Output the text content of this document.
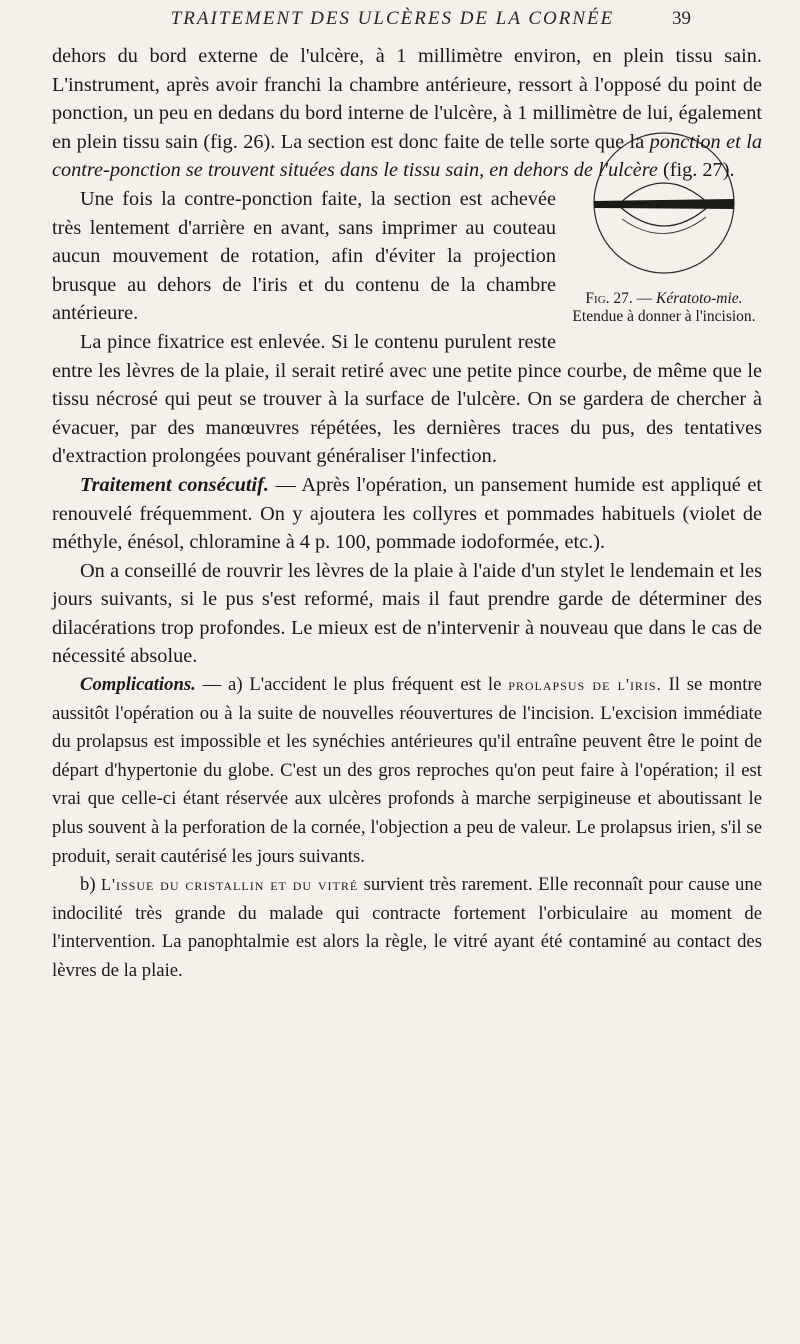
TRAITEMENT DES ULCÈRES DE LA CORNÉE	39

dehors du bord externe de l'ulcère, à 1 millimètre environ, en plein tissu sain. L'instrument, après avoir franchi la chambre antérieure, ressort à l'opposé du point de ponction, un peu en dedans du bord interne de l'ulcère, à 1 millimètre de lui, également en plein tissu sain (fig. 26). La section est donc faite de telle sorte que la ponction et la contre-ponction se trouvent situées dans le tissu sain, en dehors de l'ulcère (fig. 27).

Fig. 27. — Kératoto-mie. Etendue à donner à l'incision.

Une fois la contre-ponction faite, la section est achevée très lentement d'arrière en avant, sans imprimer au couteau aucun mouvement de rotation, afin d'éviter la projection brusque au dehors de l'iris et du contenu de la chambre antérieure.

La pince fixatrice est enlevée. Si le contenu purulent reste entre les lèvres de la plaie, il serait retiré avec une petite pince courbe, de même que le tissu nécrosé qui peut se trouver à la surface de l'ulcère. On se gardera de chercher à évacuer, par des manœuvres répétées, les dernières traces du pus, des tentatives d'extraction prolongées pouvant généraliser l'infection.

Traitement consécutif. — Après l'opération, un pansement humide est appliqué et renouvelé fréquemment. On y ajoutera les collyres et pommades habituels (violet de méthyle, énésol, chloramine à 4 p. 100, pommade iodoformée, etc.).

On a conseillé de rouvrir les lèvres de la plaie à l'aide d'un stylet le lendemain et les jours suivants, si le pus s'est reformé, mais il faut prendre garde de déterminer des dilacérations trop profondes. Le mieux est de n'intervenir à nouveau que dans le cas de nécessité absolue.

Complications. — a) L'accident le plus fréquent est le prolapsus de l'iris. Il se montre aussitôt l'opération ou à la suite de nouvelles réouvertures de l'incision. L'excision immédiate du prolapsus est impossible et les synéchies antérieures qu'il entraîne peuvent être le point de départ d'hypertonie du globe. C'est un des gros reproches qu'on peut faire à l'opération; il est vrai que celle-ci étant réservée aux ulcères profonds à marche serpigineuse et aboutissant le plus souvent à la perforation de la cornée, l'objection a peu de valeur. Le prolapsus irien, s'il se produit, serait cautérisé les jours suivants.

b) L'issue du cristallin et du vitré survient très rarement. Elle reconnaît pour cause une indocilité très grande du malade qui contracte fortement l'orbiculaire au moment de l'intervention. La panophtalmie est alors la règle, le vitré ayant été contaminé au contact des lèvres de la plaie.
